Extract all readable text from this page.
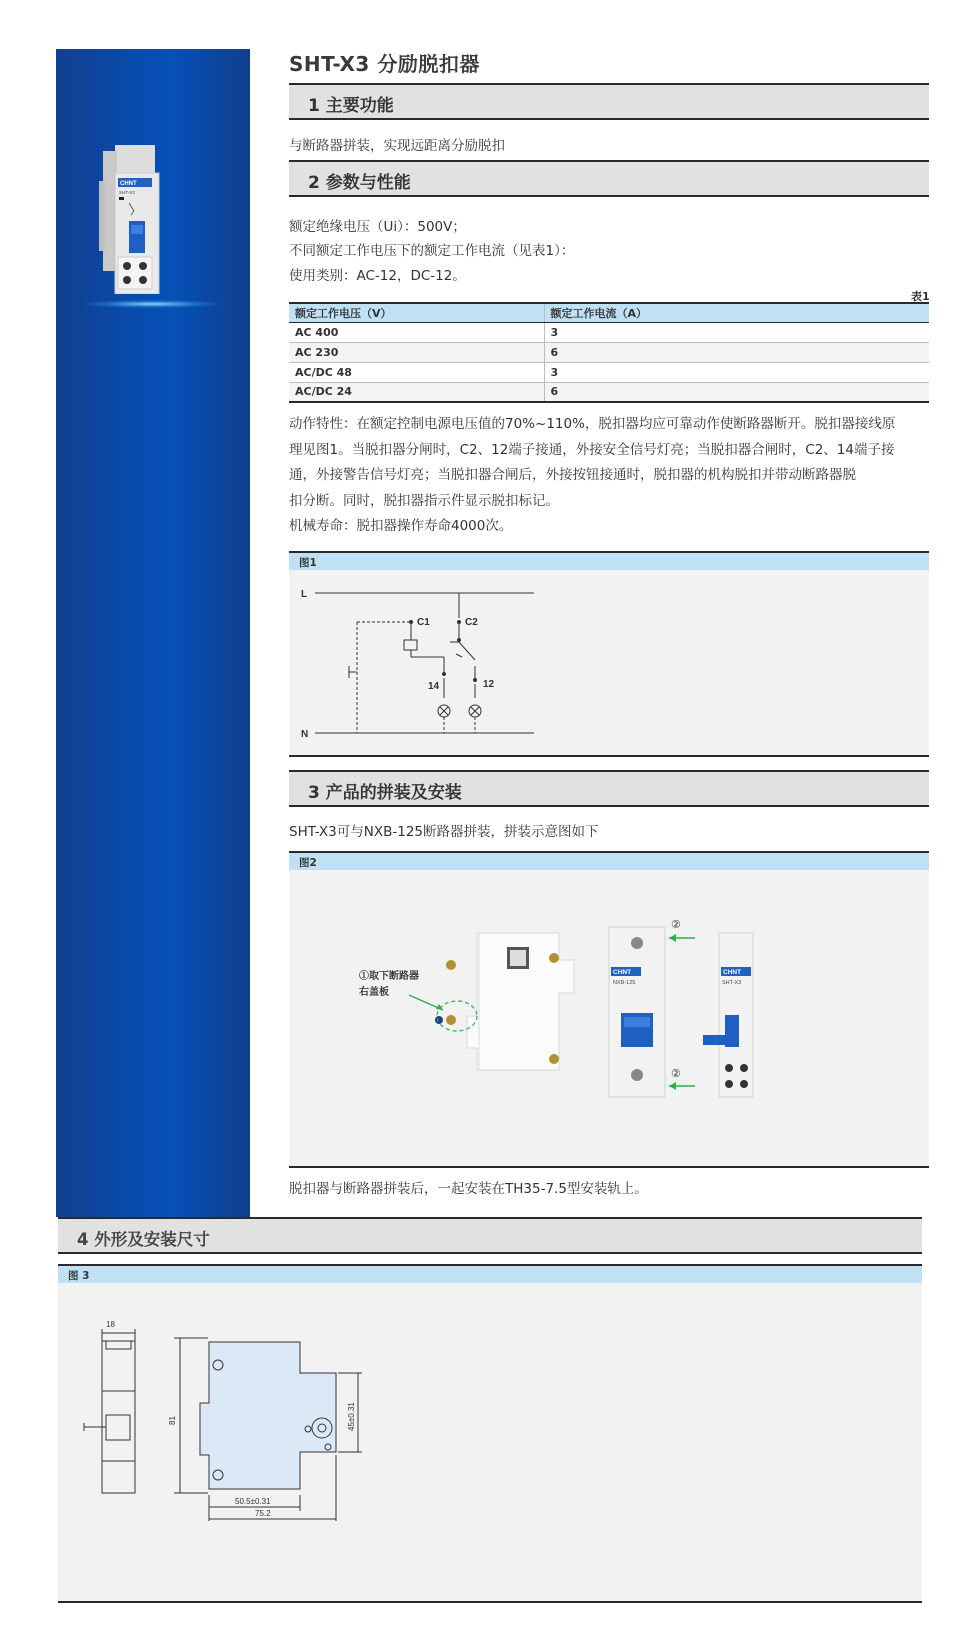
CHNT
SHT-X3
SHT-X3 分励脱扣器
1 主要功能
与断路器拼装，实现远距离分励脱扣
2 参数与性能
额定绝缘电压（Ui）：500V；
不同额定工作电压下的额定工作电流（见表1）：
使用类别：AC-12，DC-12。
表1
额定工作电压（V）	额定工作电流（A）
AC 400	3
AC 230	6
AC/DC 48	3
AC/DC 24	6
动作特性：在额定控制电源电压值的70%~110%，脱扣器均应可靠动作使断路器断开。脱扣器接线原
理见图1。当脱扣器分闸时，C2、12端子接通，外接安全信号灯亮；当脱扣器合闸时，C2、14端子接
通，外接警告信号灯亮；当脱扣器合闸后，外接按钮接通时，脱扣器的机构脱扣并带动断路器脱
扣分断。同时，脱扣器指示件显示脱扣标记。
机械寿命：脱扣器操作寿命4000次。
图1
L
N
C1	C2
14	12
3 产品的拼装及安装
SHT-X3可与NXB-125断路器拼装，拼装示意图如下
图2
①取下断路器
右盖板
CHNT
NXB-125
CHNT
SHT-X3
②
②
脱扣器与断路器拼装后，一起安装在TH35-7.5型安装轨上。
4 外形及安装尺寸
图 3
18
81	45±0.31
50.5±0.31
75.2
